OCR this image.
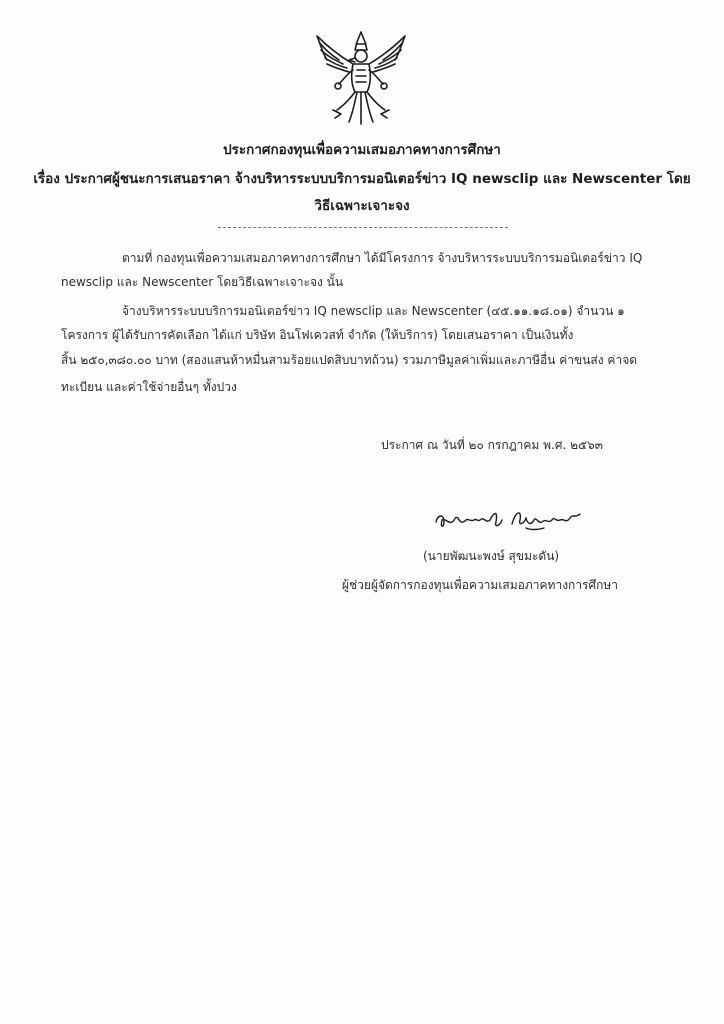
ประกาศกองทุนเพื่อความเสมอภาคทางการศึกษา
เรื่อง ประกาศผู้ชนะการเสนอราคา จ้างบริหารระบบบริการมอนิเตอร์ข่าว IQ newsclip และ Newscenter โดย
วิธีเฉพาะเจาะจง
ตามที่ กองทุนเพื่อความเสมอภาคทางการศึกษา ได้มีโครงการ จ้างบริหารระบบบริการมอนิเตอร์ข่าว IQ
newsclip และ Newscenter โดยวิธีเฉพาะเจาะจง นั้น
จ้างบริหารระบบบริการมอนิเตอร์ข่าว IQ newsclip และ Newscenter (๔๕.๑๑.๑๘.๐๑) จำนวน ๑
โครงการ ผู้ได้รับการคัดเลือก ได้แก่ บริษัท อินโฟเควสท์ จำกัด (ให้บริการ) โดยเสนอราคา เป็นเงินทั้ง
สิ้น ๒๕๐,๓๘๐.๐๐ บาท (สองแสนห้าหมื่นสามร้อยแปดสิบบาทถ้วน) รวมภาษีมูลค่าเพิ่มและภาษีอื่น ค่าขนส่ง ค่าจด
ทะเบียน และค่าใช้จ่ายอื่นๆ ทั้งปวง
ประกาศ ณ วันที่ ๒๐ กรกฎาคม พ.ศ. ๒๕๖๓
(นายพัฒนะพงษ์ สุขมะดัน)
ผู้ช่วยผู้จัดการกองทุนเพื่อความเสมอภาคทางการศึกษา
